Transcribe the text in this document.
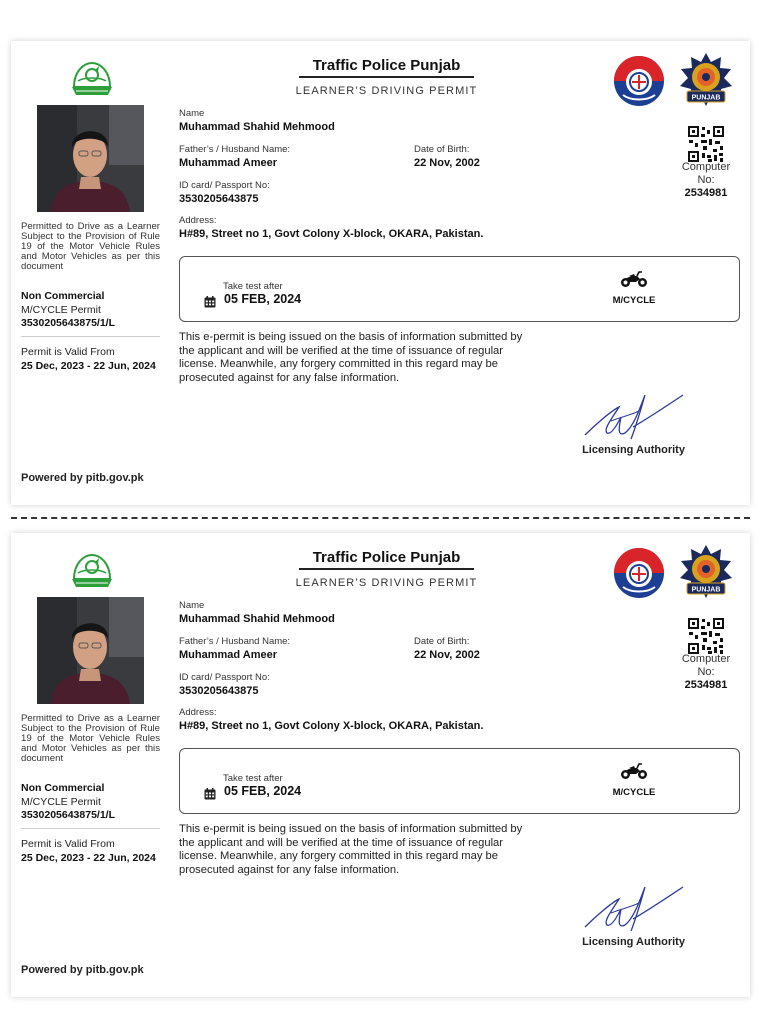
Permitted to Drive as a Learner Subject to the Provision of Rule 19 of the Motor Vehicle Rules and Motor Vehicles as per this document
Non Commercial
M/CYCLE Permit
3530205643875/1/L
Permit is Valid From
25 Dec, 2023 - 22 Jun, 2024
Powered by pitb.gov.pk
Traffic Police Punjab
LEARNER’S DRIVING PERMIT
PUNJAB
Computer No:
2534981
Name
Muhammad Shahid Mehmood
Father’s / Husband Name:
Muhammad Ameer
Date of Birth:
22 Nov, 2002
ID card/ Passport No:
3530205643875
Address:
H#89, Street no 1, Govt Colony X-block, OKARA, Pakistan.
Take test after
05 FEB, 2024	M/CYCLE
This e-permit is being issued on the basis of information submitted by the applicant and will be verified at the time of issuance of regular license. Meanwhile, any forgery committed in this regard may be prosecuted against for any false information.
Licensing Authority
Permitted to Drive as a Learner Subject to the Provision of Rule 19 of the Motor Vehicle Rules and Motor Vehicles as per this document
Non Commercial
M/CYCLE Permit
3530205643875/1/L
Permit is Valid From
25 Dec, 2023 - 22 Jun, 2024
Powered by pitb.gov.pk
Traffic Police Punjab
LEARNER’S DRIVING PERMIT
PUNJAB
Computer No:
2534981
Name
Muhammad Shahid Mehmood
Father’s / Husband Name:
Muhammad Ameer
Date of Birth:
22 Nov, 2002
ID card/ Passport No:
3530205643875
Address:
H#89, Street no 1, Govt Colony X-block, OKARA, Pakistan.
Take test after
05 FEB, 2024	M/CYCLE
This e-permit is being issued on the basis of information submitted by the applicant and will be verified at the time of issuance of regular license. Meanwhile, any forgery committed in this regard may be prosecuted against for any false information.
Licensing Authority
